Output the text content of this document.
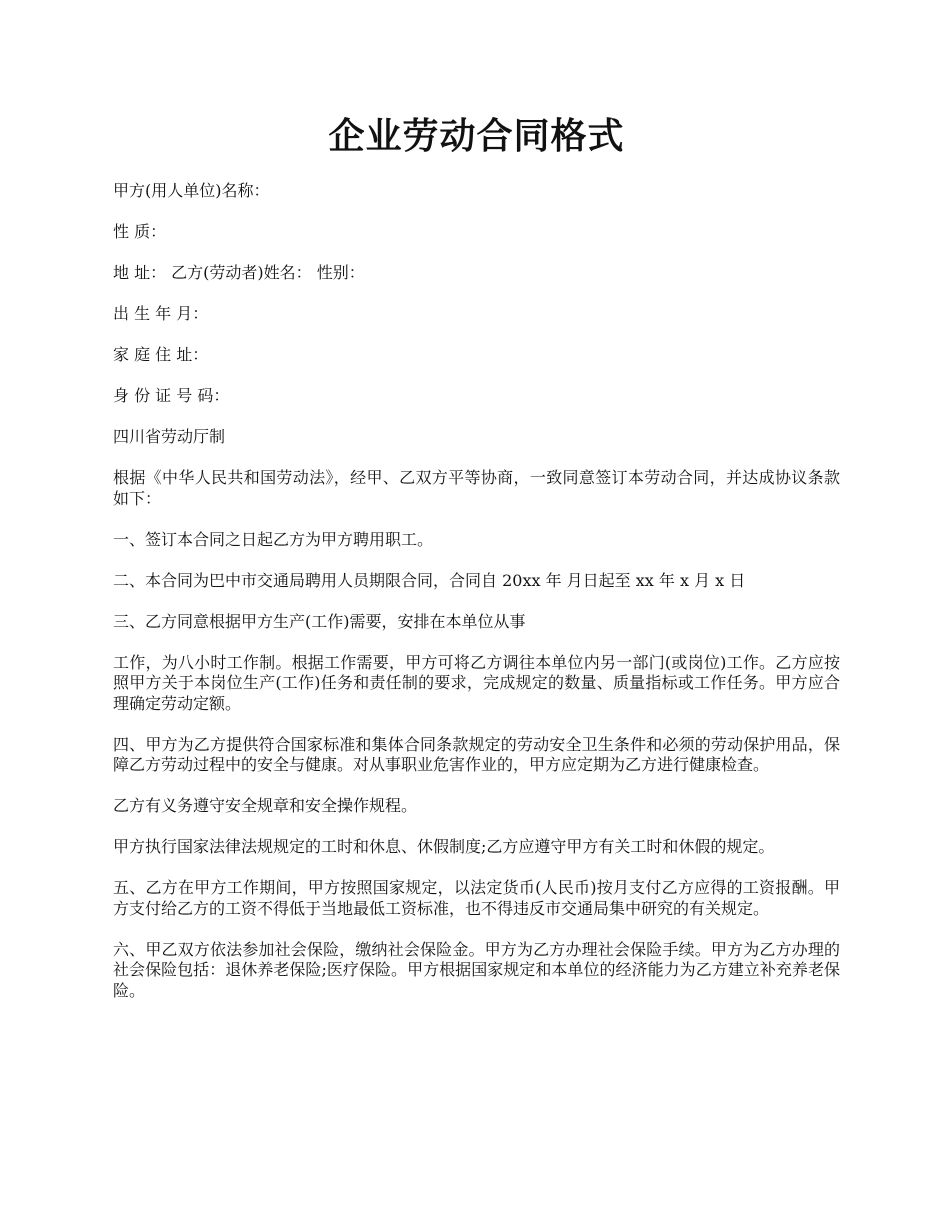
企业劳动合同格式

甲方(用人单位)名称：

性 质：

地 址： 乙方(劳动者)姓名： 性别：

出 生 年 月：

家 庭 住 址：

身 份 证 号 码：

四川省劳动厅制

根据《中华人民共和国劳动法》，经甲、乙双方平等协商，一致同意签订本劳动合同，并达成协议条款如下：

一、签订本合同之日起乙方为甲方聘用职工。

二、本合同为巴中市交通局聘用人员期限合同，合同自 20xx 年 月日起至 xx 年 x 月 x 日

三、乙方同意根据甲方生产(工作)需要，安排在本单位从事

工作，为八小时工作制。根据工作需要，甲方可将乙方调往本单位内另一部门(或岗位)工作。乙方应按照甲方关于本岗位生产(工作)任务和责任制的要求，完成规定的数量、质量指标或工作任务。甲方应合理确定劳动定额。

四、甲方为乙方提供符合国家标准和集体合同条款规定的劳动安全卫生条件和必须的劳动保护用品，保障乙方劳动过程中的安全与健康。对从事职业危害作业的，甲方应定期为乙方进行健康检查。

乙方有义务遵守安全规章和安全操作规程。

甲方执行国家法律法规规定的工时和休息、休假制度;乙方应遵守甲方有关工时和休假的规定。

五、乙方在甲方工作期间，甲方按照国家规定，以法定货币(人民币)按月支付乙方应得的工资报酬。甲方支付给乙方的工资不得低于当地最低工资标准，也不得违反市交通局集中研究的有关规定。

六、甲乙双方依法参加社会保险，缴纳社会保险金。甲方为乙方办理社会保险手续。甲方为乙方办理的社会保险包括：退休养老保险;医疗保险。甲方根据国家规定和本单位的经济能力为乙方建立补充养老保险。
